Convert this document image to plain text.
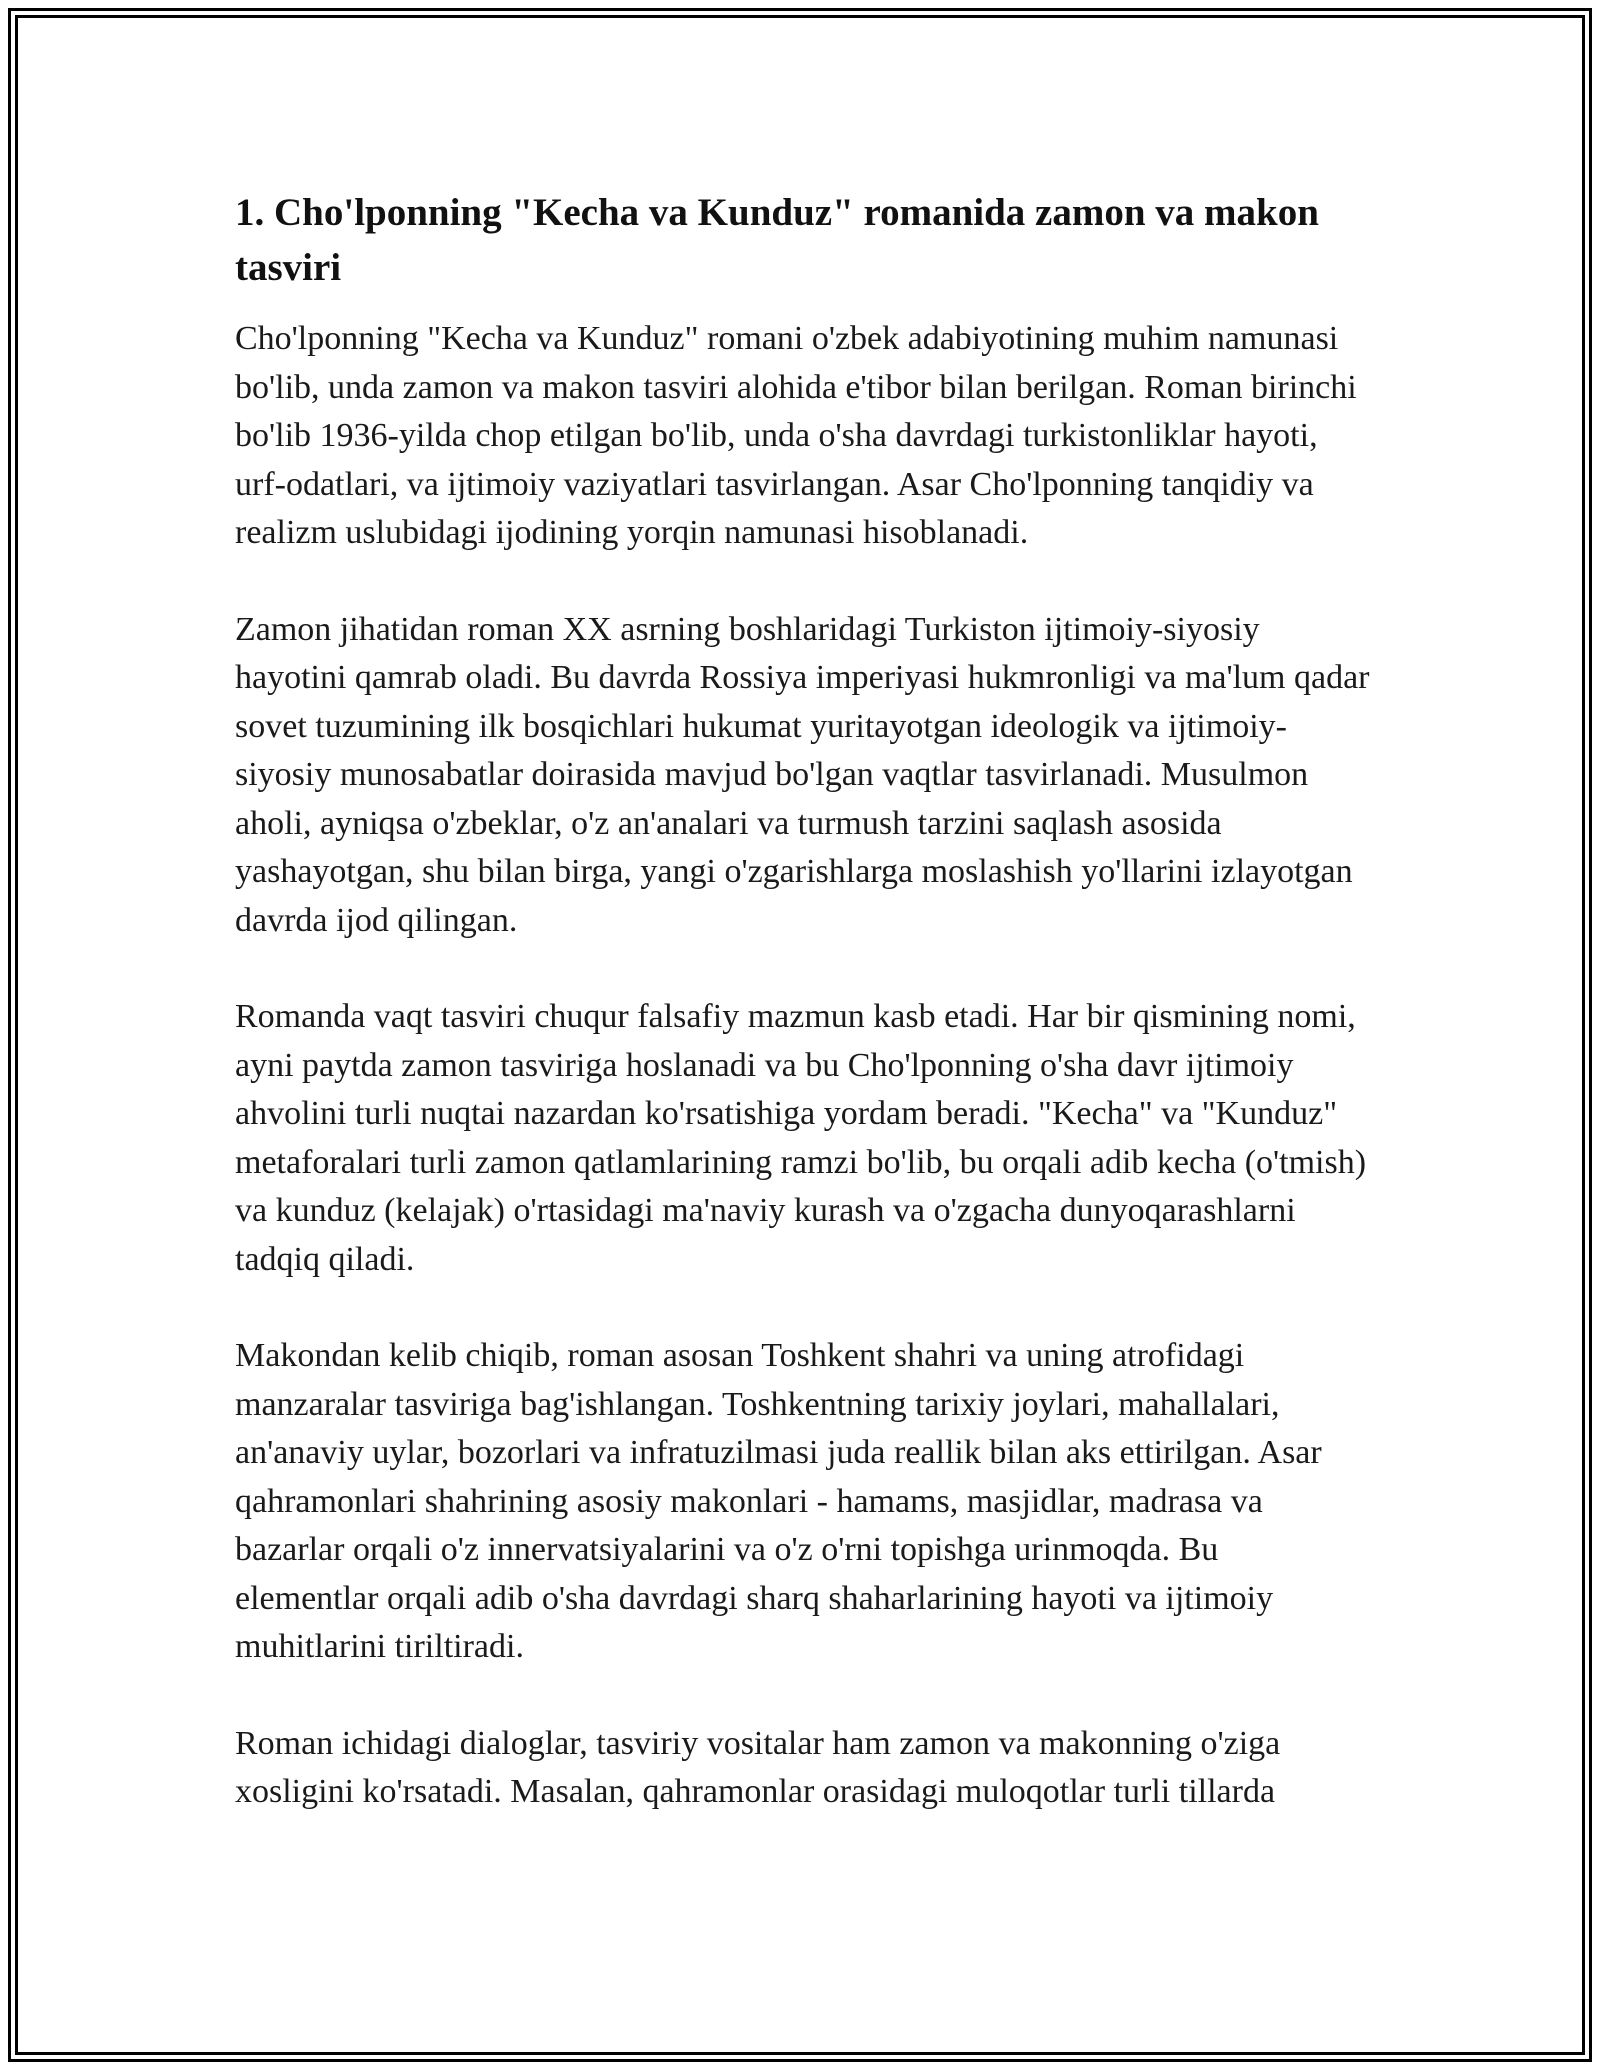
1. Cho'lponning "Kecha va Kunduz" romanida zamon va makon tasviri

Cho'lponning "Kecha va Kunduz" romani o'zbek adabiyotining muhim namunasi bo'lib, unda zamon va makon tasviri alohida e'tibor bilan berilgan. Roman birinchi bo'lib 1936-yilda chop etilgan bo'lib, unda o'sha davrdagi turkistonliklar hayoti, urf-odatlari, va ijtimoiy vaziyatlari tasvirlangan. Asar Cho'lponning tanqidiy va realizm uslubidagi ijodining yorqin namunasi hisoblanadi.

Zamon jihatidan roman XX asrning boshlaridagi Turkiston ijtimoiy-siyosiy hayotini qamrab oladi. Bu davrda Rossiya imperiyasi hukmronligi va ma'lum qadar sovet tuzumining ilk bosqichlari hukumat yuritayotgan ideologik va ijtimoiy-siyosiy munosabatlar doirasida mavjud bo'lgan vaqtlar tasvirlanadi. Musulmon aholi, ayniqsa o'zbeklar, o'z an'analari va turmush tarzini saqlash asosida yashayotgan, shu bilan birga, yangi o'zgarishlarga moslashish yo'llarini izlayotgan davrda ijod qilingan.

Romanda vaqt tasviri chuqur falsafiy mazmun kasb etadi. Har bir qismining nomi, ayni paytda zamon tasviriga hoslanadi va bu Cho'lponning o'sha davr ijtimoiy ahvolini turli nuqtai nazardan ko'rsatishiga yordam beradi. "Kecha" va "Kunduz" metaforalari turli zamon qatlamlarining ramzi bo'lib, bu orqali adib kecha (o'tmish) va kunduz (kelajak) o'rtasidagi ma'naviy kurash va o'zgacha dunyoqarashlarni tadqiq qiladi.

Makondan kelib chiqib, roman asosan Toshkent shahri va uning atrofidagi manzaralar tasviriga bag'ishlangan. Toshkentning tarixiy joylari, mahallalari, an'anaviy uylar, bozorlari va infratuzilmasi juda reallik bilan aks ettirilgan. Asar qahramonlari shahrining asosiy makonlari - hamams, masjidlar, madrasa va bazarlar orqali o'z innervatsiyalarini va o'z o'rni topishga urinmoqda. Bu elementlar orqali adib o'sha davrdagi sharq shaharlarining hayoti va ijtimoiy muhitlarini tiriltiradi.

Roman ichidagi dialoglar, tasviriy vositalar ham zamon va makonning o'ziga xosligini ko'rsatadi. Masalan, qahramonlar orasidagi muloqotlar turli tillarda
